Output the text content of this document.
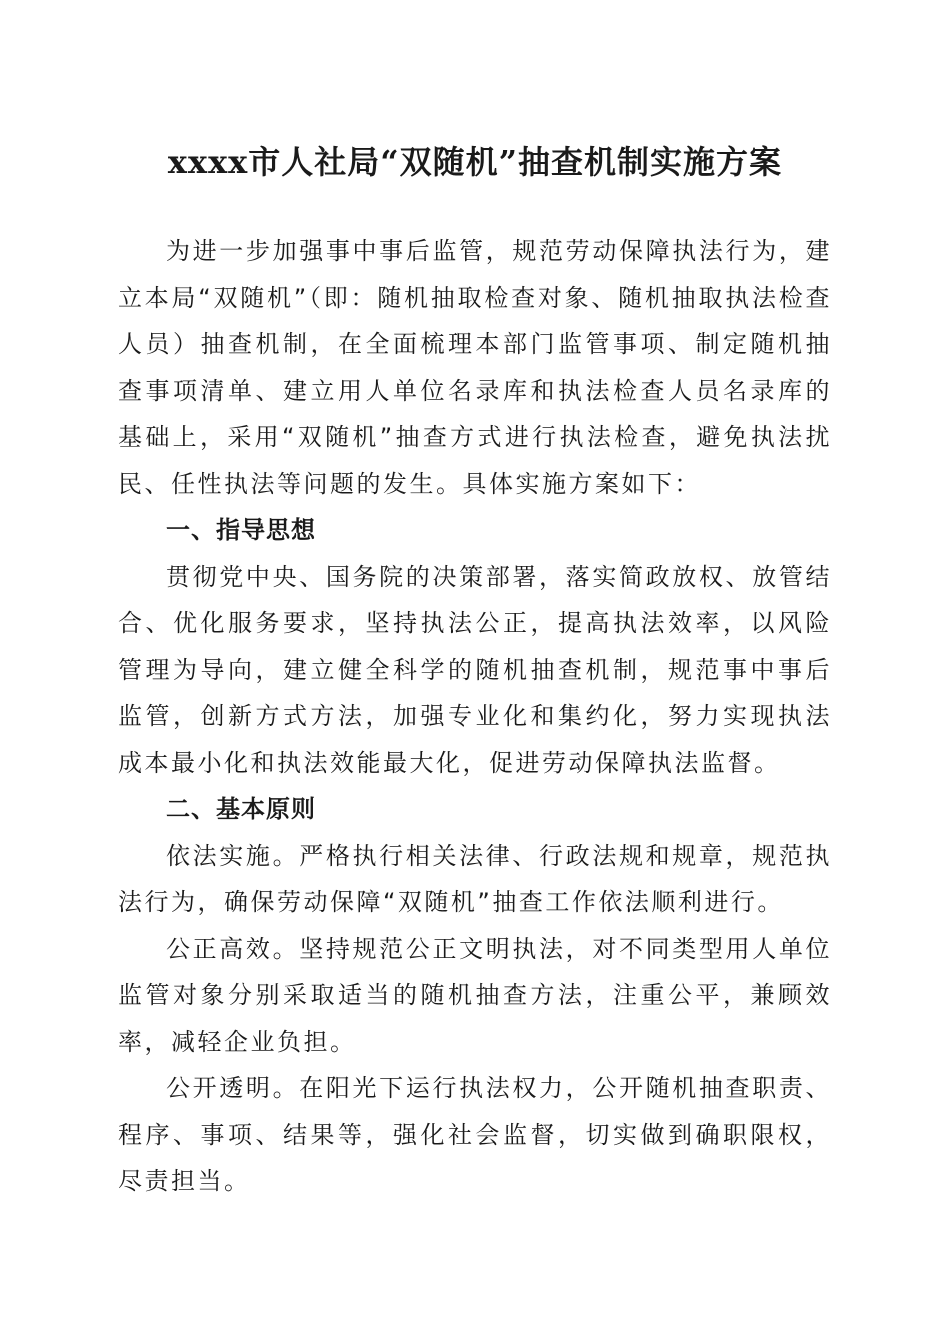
xxxx市人社局“双随机”抽查机制实施方案

为进一步加强事中事后监管，规范劳动保障执法行为，建立本局“双随机”（即：随机抽取检查对象、随机抽取执法检查人员）抽查机制，在全面梳理本部门监管事项、制定随机抽查事项清单、建立用人单位名录库和执法检查人员名录库的基础上，采用“双随机”抽查方式进行执法检查，避免执法扰民、任性执法等问题的发生。具体实施方案如下：

一、指导思想

贯彻党中央、国务院的决策部署，落实简政放权、放管结合、优化服务要求，坚持执法公正，提高执法效率，以风险管理为导向，建立健全科学的随机抽查机制，规范事中事后监管，创新方式方法，加强专业化和集约化，努力实现执法成本最小化和执法效能最大化，促进劳动保障执法监督。

二、基本原则

依法实施。严格执行相关法律、行政法规和规章，规范执法行为，确保劳动保障“双随机”抽查工作依法顺利进行。

公正高效。坚持规范公正文明执法，对不同类型用人单位监管对象分别采取适当的随机抽查方法，注重公平，兼顾效率，减轻企业负担。

公开透明。在阳光下运行执法权力，公开随机抽查职责、程序、事项、结果等，强化社会监督，切实做到确职限权，尽责担当。
